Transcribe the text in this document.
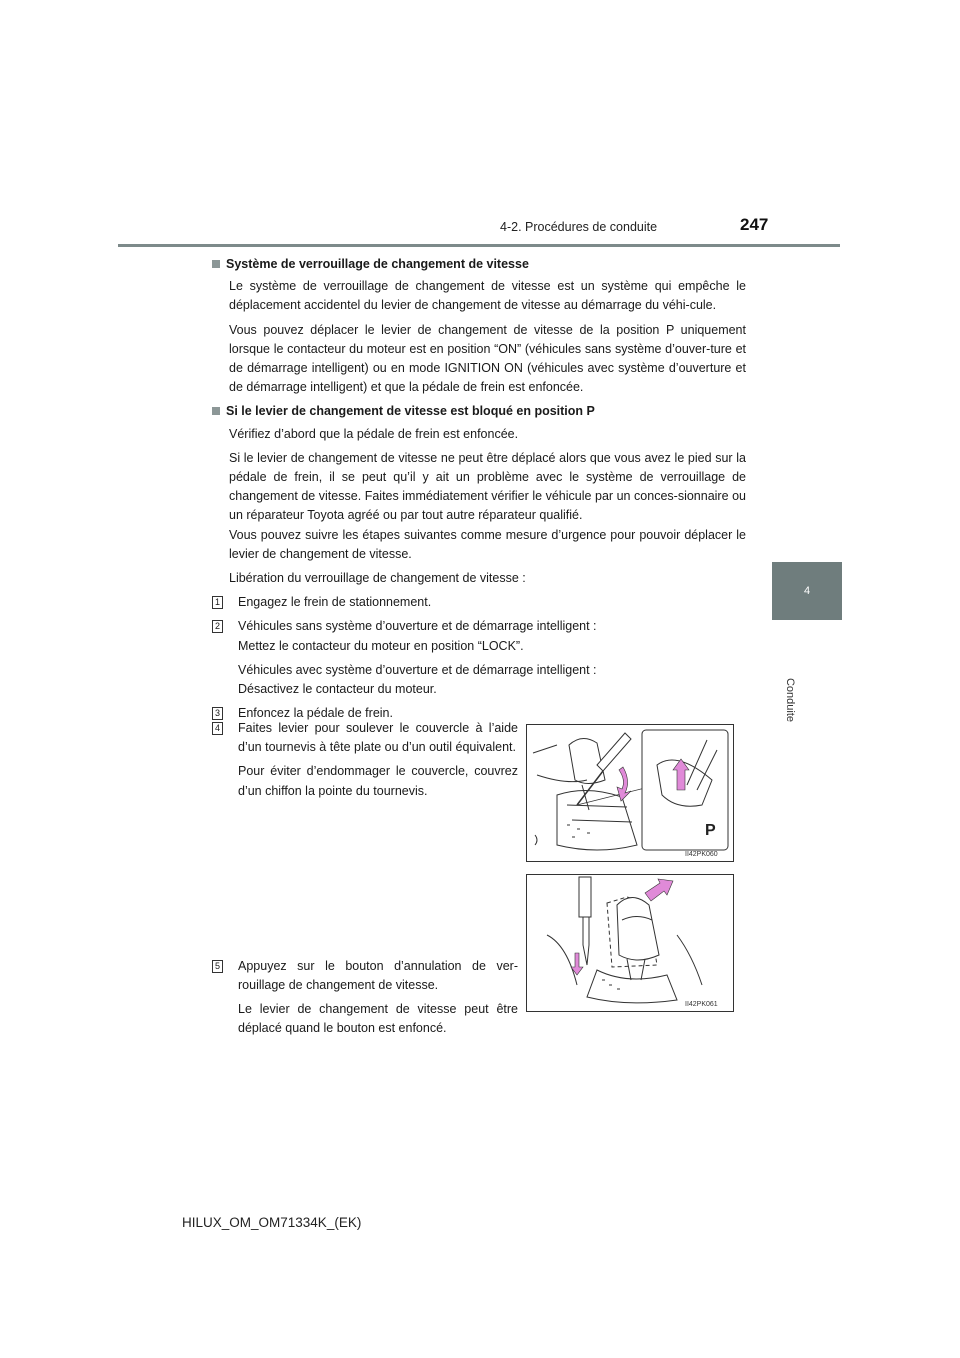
4-2. Procédures de conduite	247
4
Conduite

Système de verrouillage de changement de vitesse

Le système de verrouillage de changement de vitesse est un système qui empêche le déplacement accidentel du levier de changement de vitesse au démarrage du véhi-cule.

Vous pouvez déplacer le levier de changement de vitesse de la position P uniquement lorsque le contacteur du moteur est en position “ON” (véhicules sans système d’ouver-ture et de démarrage intelligent) ou en mode IGNITION ON (véhicules avec système d’ouverture et de démarrage intelligent) et que la pédale de frein est enfoncée.

Si le levier de changement de vitesse est bloqué en position P

Vérifiez d’abord que la pédale de frein est enfoncée.

Si le levier de changement de vitesse ne peut être déplacé alors que vous avez le pied sur la pédale de frein, il se peut qu’il y ait un problème avec le système de verrouillage de changement de vitesse. Faites immédiatement vérifier le véhicule par un conces-sionnaire ou un réparateur Toyota agréé ou par tout autre réparateur qualifié.

Vous pouvez suivre les étapes suivantes comme mesure d’urgence pour pouvoir déplacer le levier de changement de vitesse.

Libération du verrouillage de changement de vitesse :

1 Engagez le frein de stationnement.

2 Véhicules sans système d’ouverture et de démarrage intelligent :

Mettez le contacteur du moteur en position “LOCK”.

Véhicules avec système d’ouverture et de démarrage intelligent :

Désactivez le contacteur du moteur.

3 Enfoncez la pédale de frein.

4 Faites levier pour soulever le couvercle à l’aide d’un tournevis à tête plate ou d’un outil équivalent.

Pour éviter d’endommager le couvercle, couvrez d’un chiffon la pointe du tournevis.

P
II42PK060
5 Appuyez sur le bouton d’annulation de ver-rouillage de changement de vitesse.

Le levier de changement de vitesse peut être déplacé quand le bouton est enfoncé.

II42PK061
HILUX_OM_OM71334K_(EK)
